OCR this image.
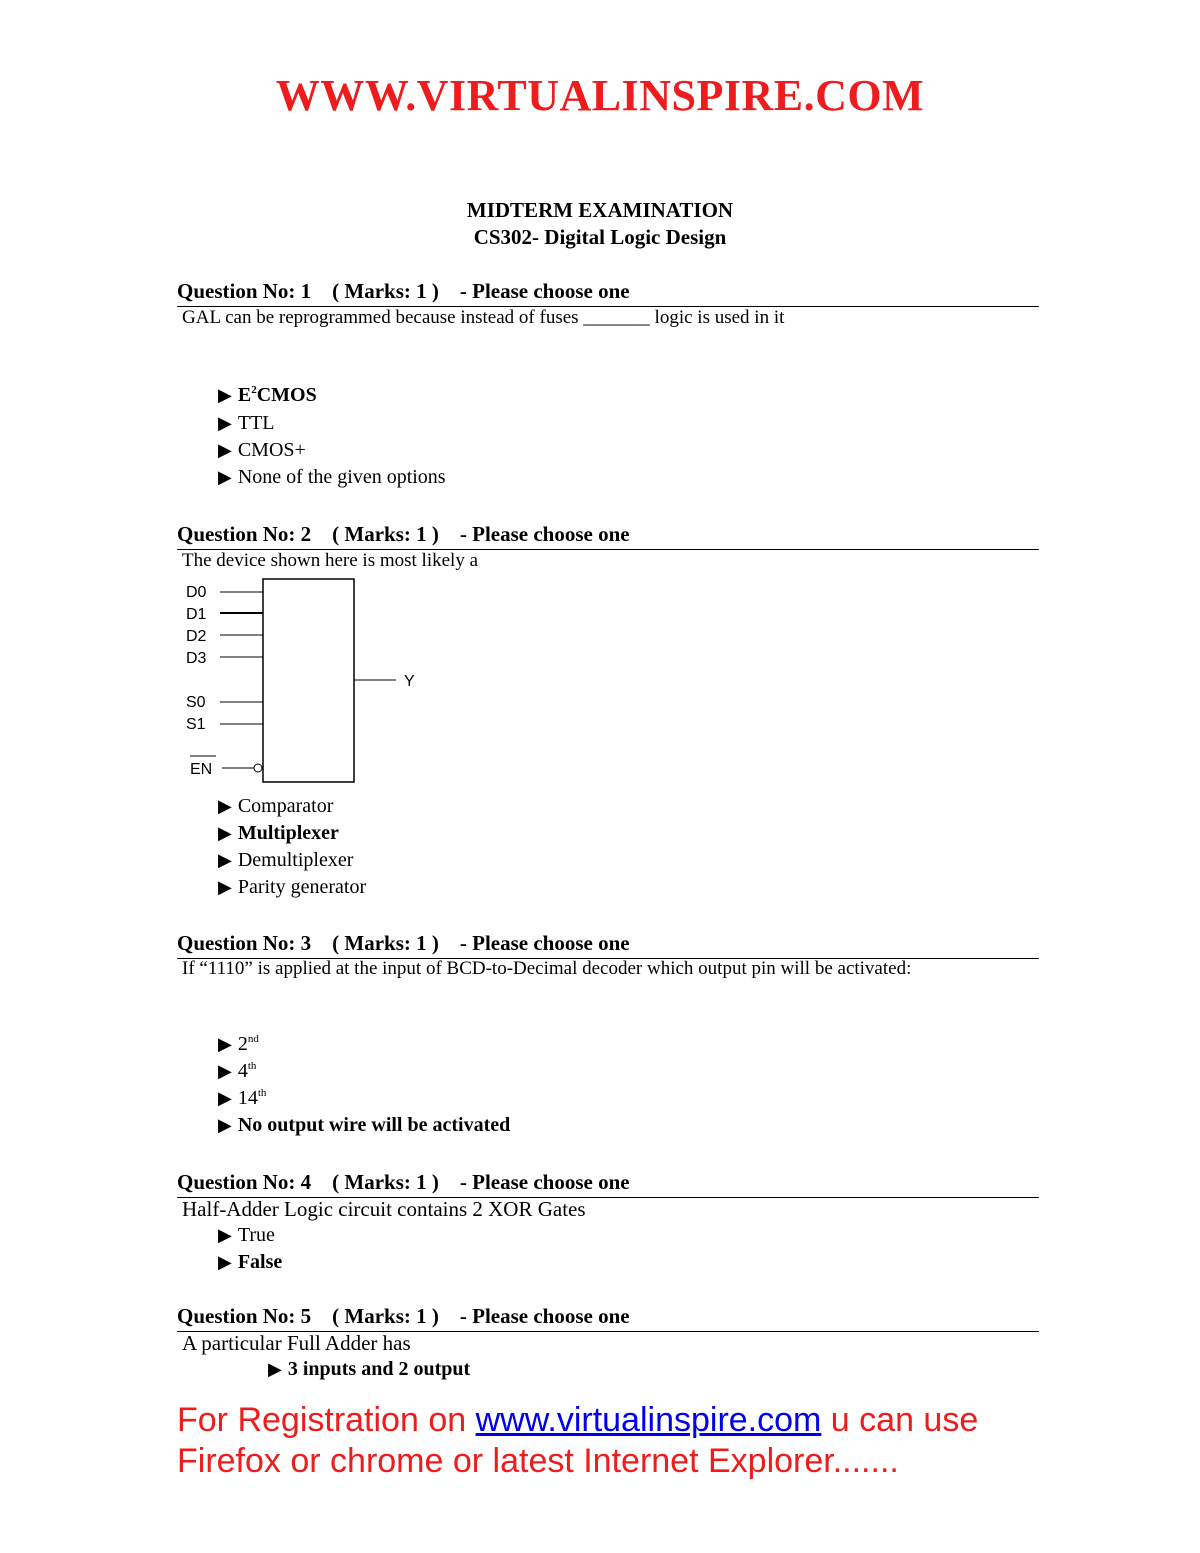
WWW.VIRTUALINSPIRE.COM
MIDTERM EXAMINATION
CS302- Digital Logic Design
Question No: 1    ( Marks: 1 )    - Please choose one
GAL can be reprogrammed because instead of fuses _______ logic is used in it
▶ $E^2CMOS$
▶ TTL
▶ CMOS+
▶ None of the given options
Question No: 2    ( Marks: 1 )    - Please choose one
The device shown here is most likely a
D0
D1
D2
D3
S0
S1
EN
Y
▶ Comparator
▶ Multiplexer
▶ Demultiplexer
▶ Parity generator
Question No: 3    ( Marks: 1 )    - Please choose one
If “1110” is applied at the input of BCD-to-Decimal decoder which output pin will be activated:
▶ 2nd
▶ 4th
▶ 14th
▶ No output wire will be activated
Question No: 4    ( Marks: 1 )    - Please choose one
Half-Adder Logic circuit contains 2 XOR Gates
▶ True
▶ False
Question No: 5    ( Marks: 1 )    - Please choose one
A particular Full Adder has
▶ 3 inputs and 2 output
For Registration on www.virtualinspire.com u can use
Firefox or chrome or latest Internet Explorer.......
